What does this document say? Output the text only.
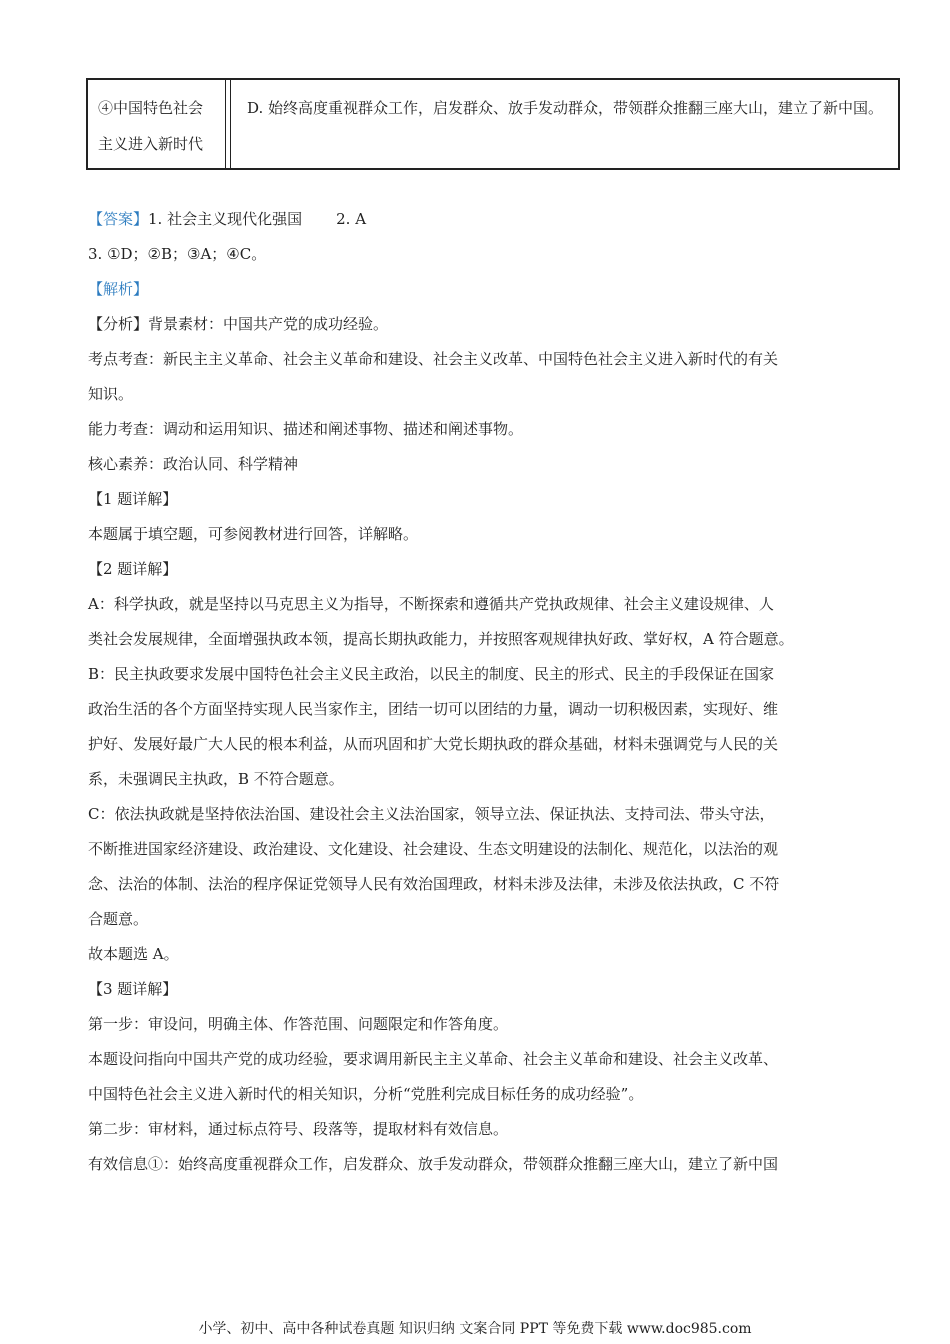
④中国特色社会主义进入新时代
D. 始终高度重视群众工作，启发群众、放手发动群众，带领群众推翻三座大山，建立了新中国。
【答案】1. 社会主义现代化强国 2. A
3. ①D；②B；③A；④C。
【解析】
【分析】背景素材：中国共产党的成功经验。
考点考查：新民主主义革命、社会主义革命和建设、社会主义改革、中国特色社会主义进入新时代的有关
知识。
能力考查：调动和运用知识、描述和阐述事物、描述和阐述事物。
核心素养：政治认同、科学精神
【1 题详解】
本题属于填空题，可参阅教材进行回答，详解略。
【2 题详解】
A：科学执政，就是坚持以马克思主义为指导，不断探索和遵循共产党执政规律、社会主义建设规律、人
类社会发展规律，全面增强执政本领，提高长期执政能力，并按照客观规律执好政、掌好权，A 符合题意。
B：民主执政要求发展中国特色社会主义民主政治，以民主的制度、民主的形式、民主的手段保证在国家
政治生活的各个方面坚持实现人民当家作主，团结一切可以团结的力量，调动一切积极因素，实现好、维
护好、发展好最广大人民的根本利益，从而巩固和扩大党长期执政的群众基础，材料未强调党与人民的关
系，未强调民主执政，B 不符合题意。
C：依法执政就是坚持依法治国、建设社会主义法治国家，领导立法、保证执法、支持司法、带头守法，
不断推进国家经济建设、政治建设、文化建设、社会建设、生态文明建设的法制化、规范化，以法治的观
念、法治的体制、法治的程序保证党领导人民有效治国理政，材料未涉及法律，未涉及依法执政，C 不符
合题意。
故本题选 A。
【3 题详解】
第一步：审设问，明确主体、作答范围、问题限定和作答角度。
本题设问指向中国共产党的成功经验，要求调用新民主主义革命、社会主义革命和建设、社会主义改革、
中国特色社会主义进入新时代的相关知识，分析“党胜利完成目标任务的成功经验”。
第二步：审材料，通过标点符号、段落等，提取材料有效信息。
有效信息①：始终高度重视群众工作，启发群众、放手发动群众，带领群众推翻三座大山，建立了新中国
小学、初中、高中各种试卷真题 知识归纳 文案合同 PPT 等免费下载 www.doc985.com
